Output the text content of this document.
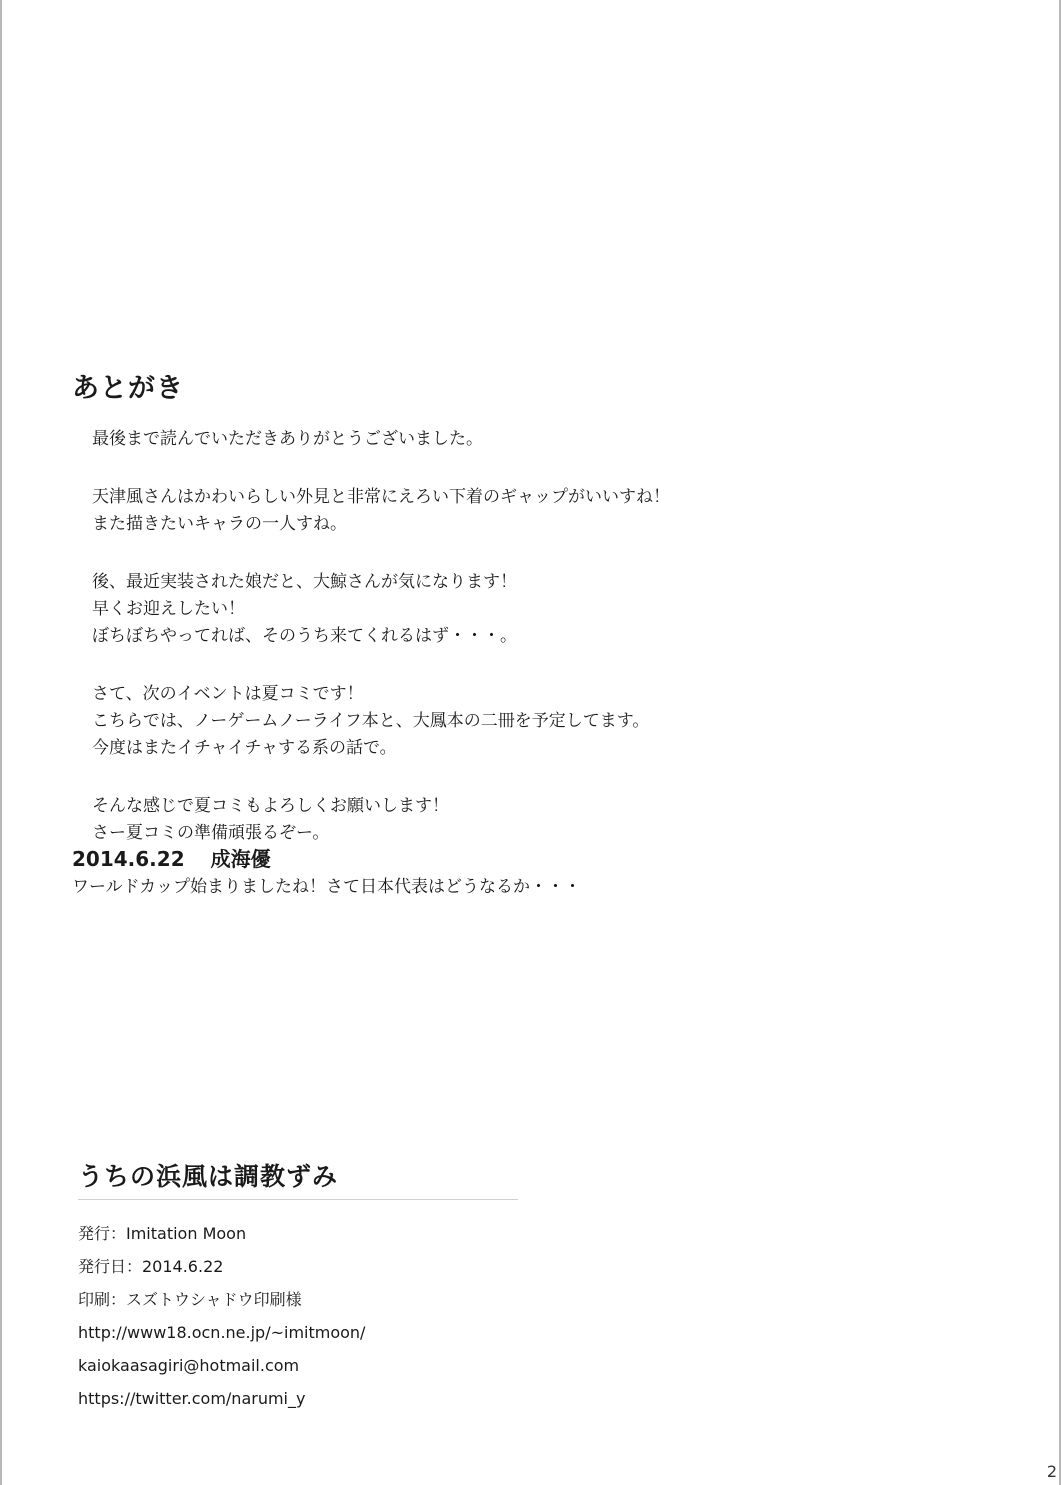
あとがき
最後まで読んでいただきありがとうございました。
天津風さんはかわいらしい外見と非常にえろい下着のギャップがいいすね！
また描きたいキャラの一人すね。
後、最近実装された娘だと、大鯨さんが気になります！
早くお迎えしたい！
ぼちぼちやってれば、そのうち来てくれるはず・・・。
さて、次のイベントは夏コミです！
こちらでは、ノーゲームノーライフ本と、大鳳本の二冊を予定してます。
今度はまたイチャイチャする系の話で。
そんな感じで夏コミもよろしくお願いします！
さー夏コミの準備頑張るぞー。
2014.6.22 成海優
ワールドカップ始まりましたね！さて日本代表はどうなるか・・・
うちの浜風は調教ずみ
発行：Imitation Moon
発行日：2014.6.22
印刷：スズトウシャドウ印刷様
http://www18.ocn.ne.jp/~imitmoon/
kaiokaasagiri@hotmail.com
https://twitter.com/narumi_y
2
